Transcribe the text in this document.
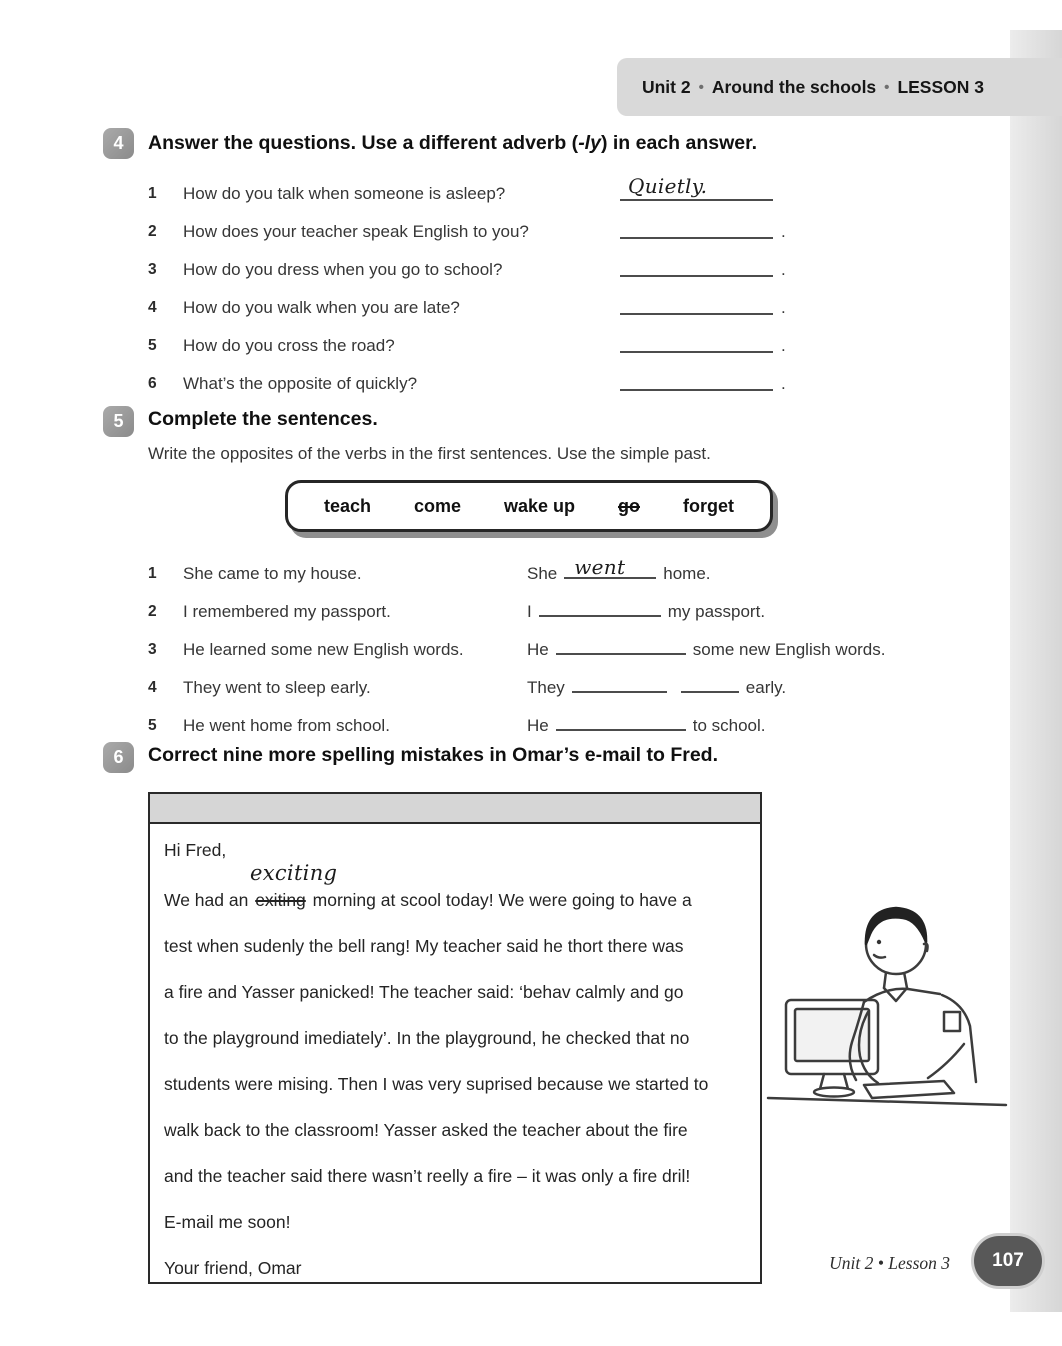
Unit 2 • Around the schools • LESSON 3
4	Answer the questions. Use a different adverb (-ly) in each answer.
1 How do you talk when someone is asleep?	Quietly.
2 How does your teacher speak English to you?	.
3 How do you dress when you go to school?	.
4 How do you walk when you are late?	.
5 How do you cross the road?	.
6 What’s the opposite of quickly?	.
5	Complete the sentences.
Write the opposites of the verbs in the first sentences. Use the simple past.
teach come wake up go forget
1 She came to my house.	She went home.
2 I remembered my passport.	I	my passport.
3 He learned some new English words.	He	some new English words.
4 They went to sleep early.	They	early.
5 He went home from school.	He	to school.
6	Correct nine more spelling mistakes in Omar’s e-mail to Fred.
Hi Fred,
exciting
We had an exiting morning at scool today! We were going to have a
test when sudenly the bell rang! My teacher said he thort there was
a fire and Yasser panicked! The teacher said: ‘behav calmly and go
to the playground imediately’. In the playground, he checked that no
students were mising. Then I was very suprised because we started to
walk back to the classroom! Yasser asked the teacher about the fire
and the teacher said there wasn’t reelly a fire – it was only a fire dril!
E-mail me soon!
Your friend, Omar	Unit 2 • Lesson 3	107
